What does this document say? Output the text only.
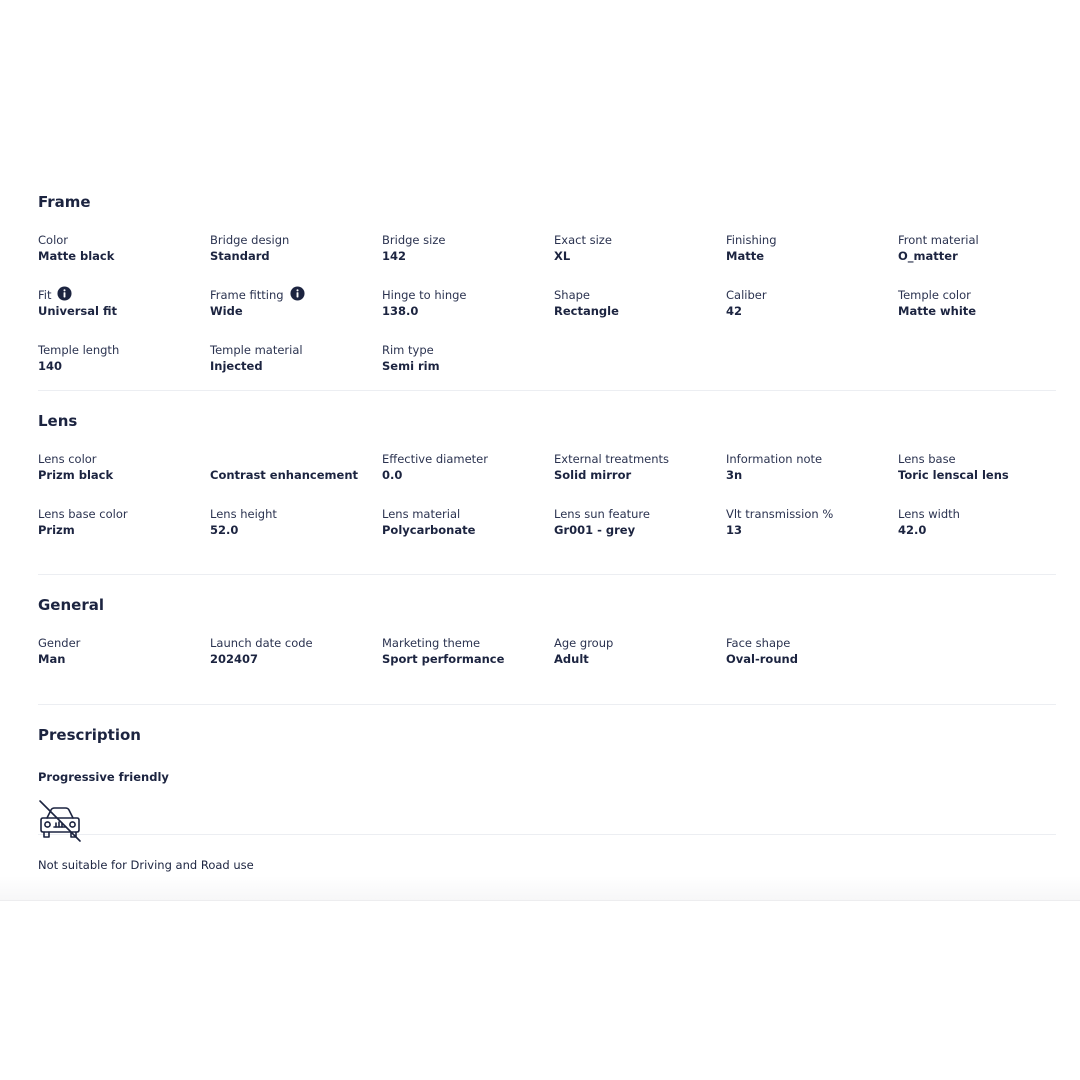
Frame
Color
Matte black
Bridge design
Standard
Bridge size
142
Exact size
XL
Finishing
Matte
Front material
O_matter
Fit
Universal fit
Frame fitting
Wide
Hinge to hinge
138.0
Shape
Rectangle
Caliber
42
Temple color
Matte white
Temple length
140
Temple material
Injected
Rim type
Semi rim
Lens
Lens color
Prizm black	Contrast enhancement
Effective diameter
0.0
External treatments
Solid mirror
Information note
3n
Lens base
Toric lenscal lens
Lens base color
Prizm
Lens height
52.0
Lens material
Polycarbonate
Lens sun feature
Gr001 - grey
Vlt transmission %
13
Lens width
42.0
General
Gender
Man
Launch date code
202407
Marketing theme
Sport performance
Age group
Adult
Face shape
Oval-round
Prescription
Progressive friendly
Not suitable for Driving and Road use
